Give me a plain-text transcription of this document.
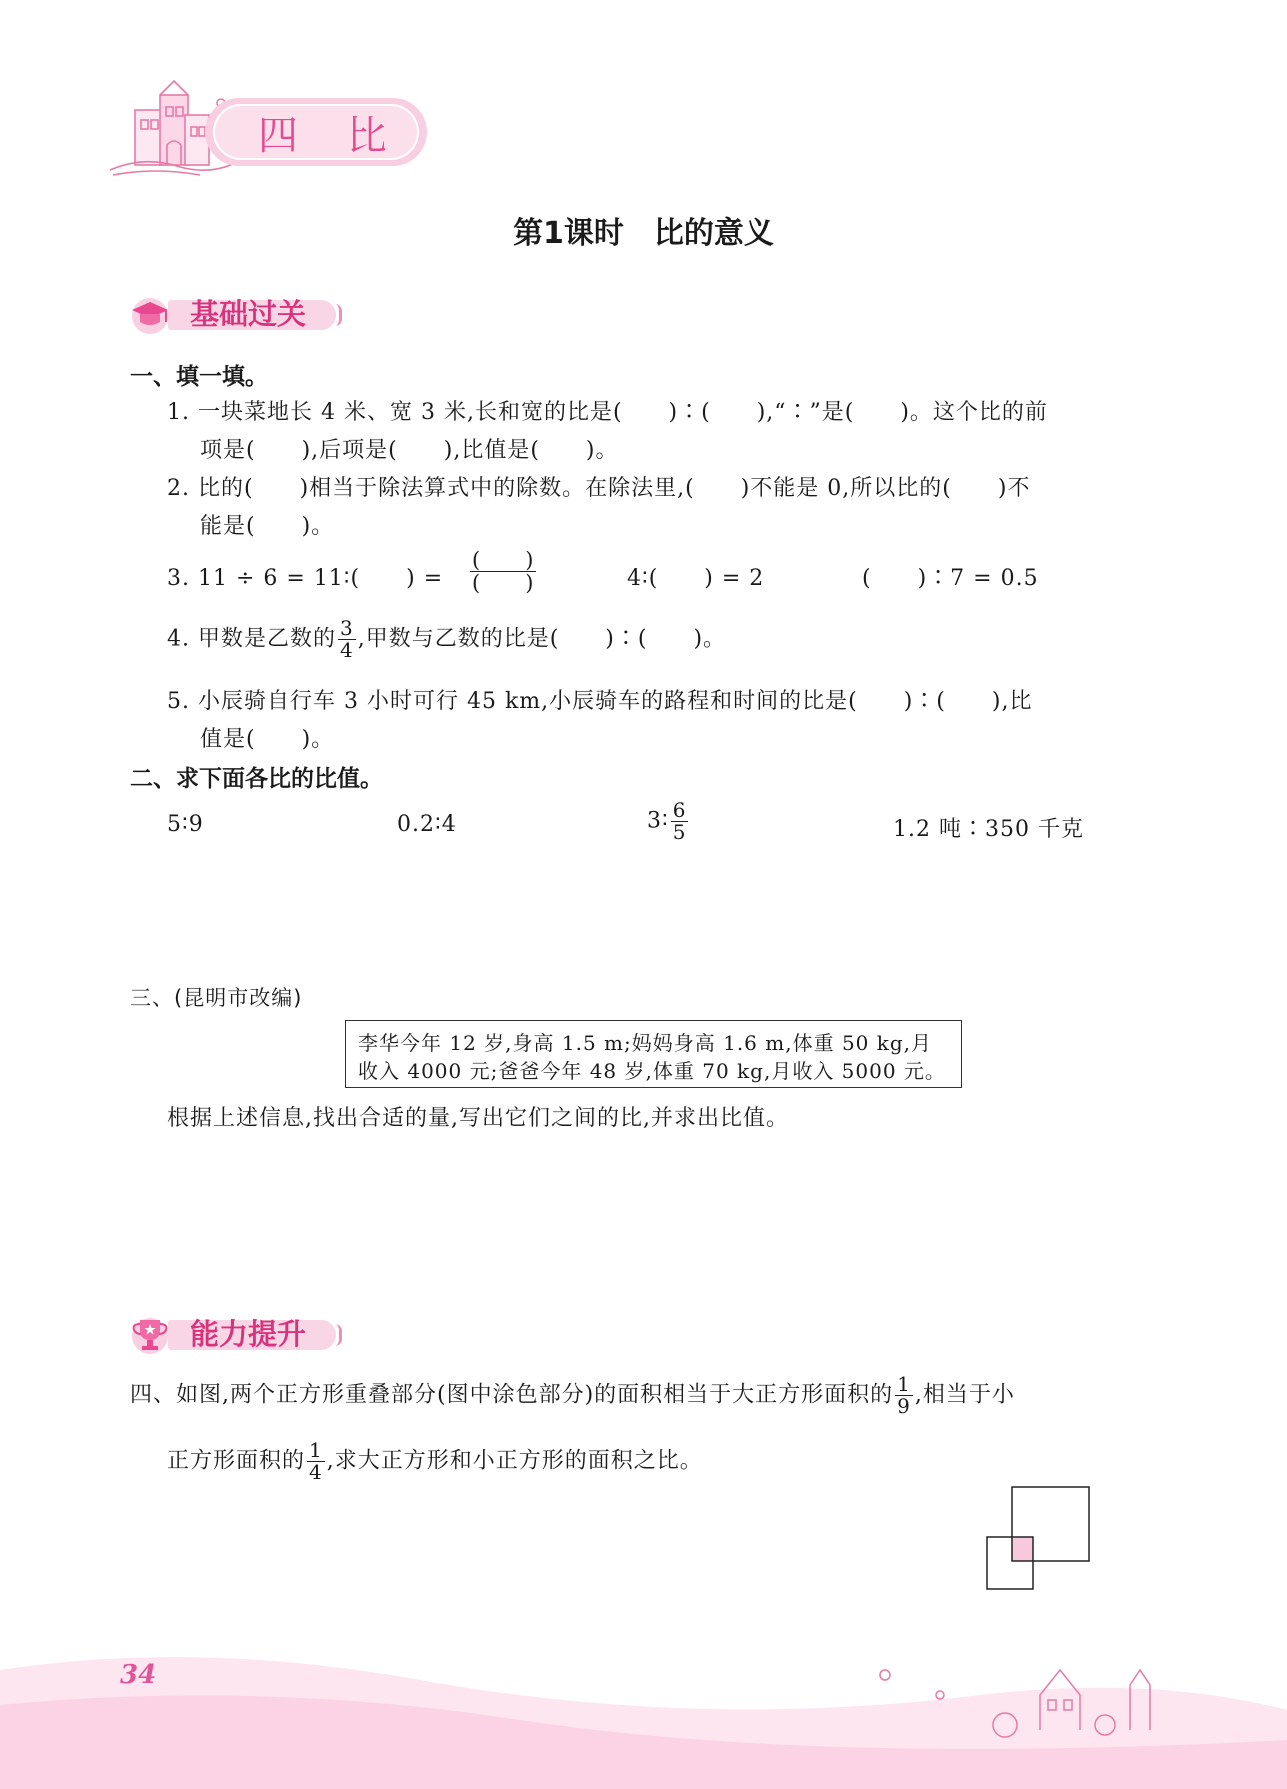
四 比
第1课时　比的意义
基础过关
一、填一填。
1. 一块菜地长 4 米、宽 3 米,长和宽的比是(　　)∶(　　),“∶”是(　　)。这个比的前
项是(　　),后项是(　　),比值是(　　)。
2. 比的(　　)相当于除法算式中的除数。在除法里,(　　)不能是 0,所以比的(　　)不
能是(　　)。
3. 11 ÷ 6 = 11∶(　　) = $\frac{( )}{( )}$	4∶(　　) = 2	(　　)∶7 = 0.5
4. 甲数是乙数的 $\frac{3}{4}$ ,甲数与乙数的比是(　　)∶(　　)。
5. 小辰骑自行车 3 小时可行 45 km,小辰骑车的路程和时间的比是(　　)∶(　　),比
值是(　　)。
二、求下面各比的比值。
5∶9	0.2∶4	3∶ $\frac{6}{5}$	1.2 吨∶350 千克
三、(昆明市改编)
李华今年 12 岁,身高 1.5 m;妈妈身高 1.6 m,体重 50 kg,月
收入 4000 元;爸爸今年 48 岁,体重 70 kg,月收入 5000 元。
根据上述信息,找出合适的量,写出它们之间的比,并求出比值。
能力提升
四、如图,两个正方形重叠部分(图中涂色部分)的面积相当于大正方形面积的 $\frac{1}{9}$ ,相当于小
正方形面积的 $\frac{1}{4}$ ,求大正方形和小正方形的面积之比。
34
